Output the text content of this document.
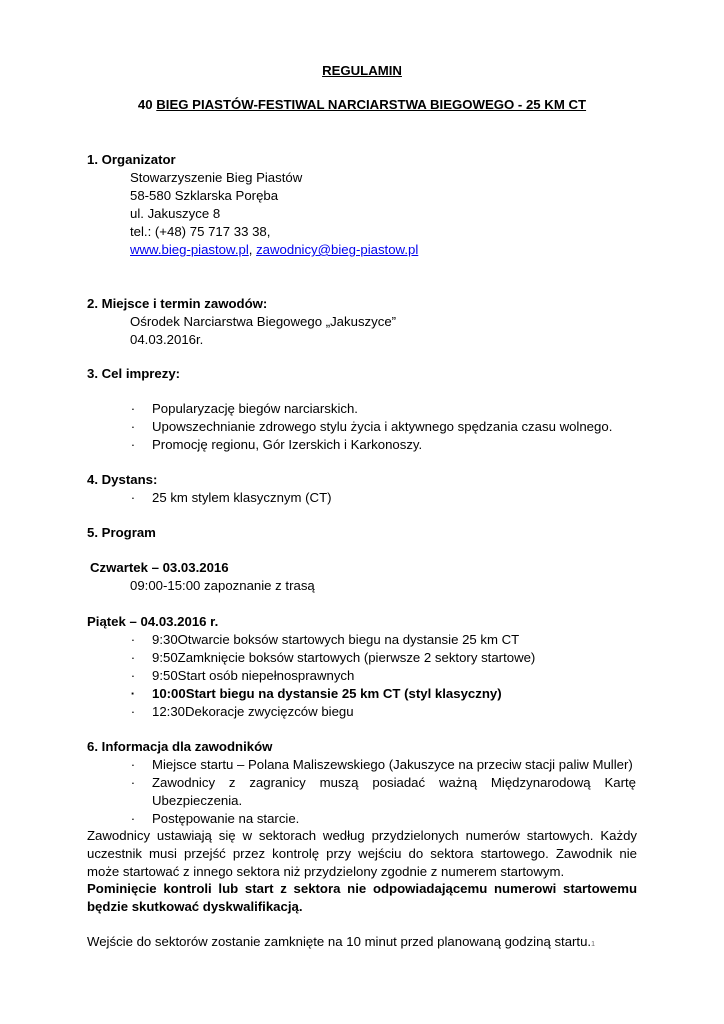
REGULAMIN
40 BIEG PIASTÓW-FESTIWAL NARCIARSTWA BIEGOWEGO - 25 KM CT
1. Organizator
Stowarzyszenie Bieg Piastów
58-580 Szklarska Poręba
ul. Jakuszyce 8
tel.: (+48) 75 717 33 38,
www.bieg-piastow.pl, zawodnicy@bieg-piastow.pl
2. Miejsce i termin zawodów:
Ośrodek Narciarstwa Biegowego „Jakuszyce”
04.03.2016r.
3. Cel imprezy:
· Popularyzację biegów narciarskich.
· Upowszechnianie zdrowego stylu życia i aktywnego spędzania czasu wolnego.
· Promocję regionu, Gór Izerskich i Karkonoszy.
4. Dystans:
· 25 km stylem klasycznym (CT)
5. Program
Czwartek – 03.03.2016
09:00-15:00 zapoznanie z trasą
Piątek – 04.03.2016 r.
· 9:30Otwarcie boksów startowych biegu na dystansie 25 km CT
· 9:50Zamknięcie boksów startowych (pierwsze 2 sektory startowe)
· 9:50Start osób niepełnosprawnych
· 10:00Start biegu na dystansie 25 km CT (styl klasyczny)
· 12:30Dekoracje zwycięzców biegu
6. Informacja dla zawodników
· Miejsce startu – Polana Maliszewskiego (Jakuszyce na przeciw stacji paliw Muller)
· Zawodnicy z zagranicy muszą posiadać ważną Międzynarodową Kartę
Ubezpieczenia.
· Postępowanie na starcie.
Zawodnicy ustawiają się w sektorach według przydzielonych numerów startowych. Każdy
uczestnik musi przejść przez kontrolę przy wejściu do sektora startowego. Zawodnik nie
może startować z innego sektora niż przydzielony zgodnie z numerem startowym.
Pominięcie kontroli lub start z sektora nie odpowiadającemu numerowi startowemu
będzie skutkować dyskwalifikacją.
Wejście do sektorów zostanie zamknięte na 10 minut przed planowaną godziną startu.1
